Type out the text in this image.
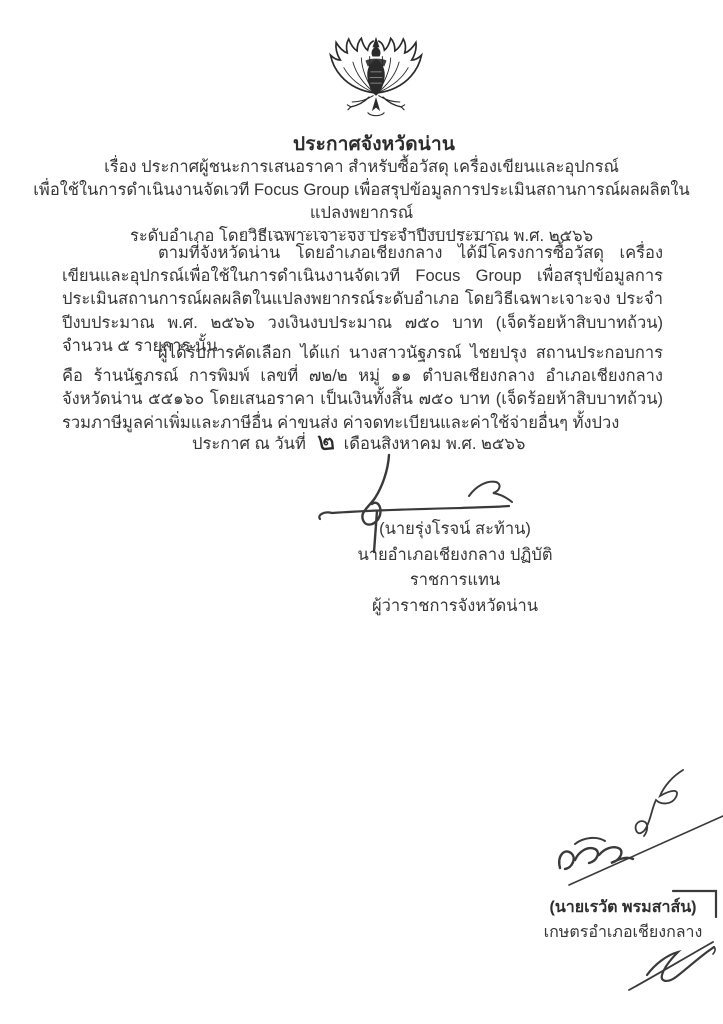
ประกาศจังหวัดน่าน
เรื่อง ประกาศผู้ชนะการเสนอราคา สำหรับซื้อวัสดุ เครื่องเขียนและอุปกรณ์
เพื่อใช้ในการดำเนินงานจัดเวที Focus Group เพื่อสรุปข้อมูลการประเมินสถานการณ์ผลผลิตในแปลงพยากรณ์
ระดับอำเภอ โดยวิธีเฉพาะเจาะจง ประจำปีงบประมาณ พ.ศ. ๒๕๖๖
ตามที่จังหวัดน่าน โดยอำเภอเชียงกลาง ได้มีโครงการซื้อวัสดุ เครื่องเขียนและอุปกรณ์เพื่อใช้ในการดำเนินงานจัดเวที Focus Group เพื่อสรุปข้อมูลการประเมินสถานการณ์ผลผลิตในแปลงพยากรณ์ระดับอำเภอ โดยวิธีเฉพาะเจาะจง ประจำปีงบประมาณ พ.ศ. ๒๕๖๖ วงเงินงบประมาณ ๗๕๐ บาท (เจ็ดร้อยห้าสิบบาทถ้วน) จำนวน ๕ รายการ นั้น
ผู้ได้รับการคัดเลือก ได้แก่ นางสาวนัฐภรณ์ ไชยปรุง สถานประกอบการ คือ ร้านนัฐภรณ์ การพิมพ์ เลขที่ ๗๒/๒ หมู่ ๑๑ ตำบลเชียงกลาง อำเภอเชียงกลาง จังหวัดน่าน ๕๕๑๖๐ โดยเสนอราคา เป็นเงินทั้งสิ้น ๗๕๐ บาท (เจ็ดร้อยห้าสิบบาทถ้วน) รวมภาษีมูลค่าเพิ่มและภาษีอื่น ค่าขนส่ง ค่าจดทะเบียนและค่าใช้จ่ายอื่นๆ ทั้งปวง
ประกาศ ณ วันที่ ๒ เดือนสิงหาคม พ.ศ. ๒๕๖๖
(นายรุ่งโรจน์ สะท้าน)
นายอำเภอเชียงกลาง ปฏิบัติราชการแทน
ผู้ว่าราชการจังหวัดน่าน
(นายเรวัต พรมสาส์น)
เกษตรอำเภอเชียงกลาง
